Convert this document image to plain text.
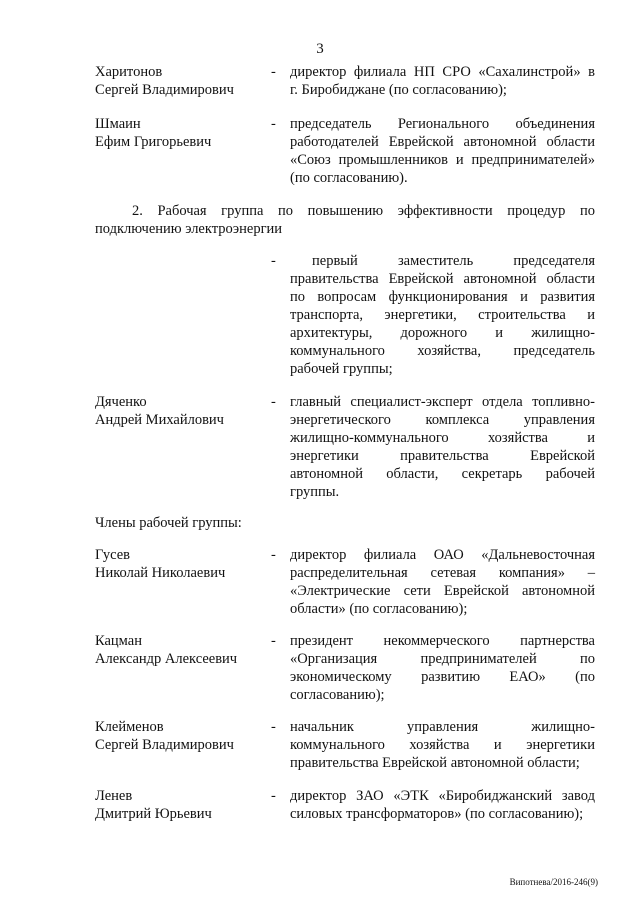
3
Харитонов
Сергей Владимирович
- директор филиала НП СРО «Сахалинстрой» в
г. Биробиджане (по согласованию);
Шмаин
Ефим Григорьевич
- председатель Регионального объединения
работодателей Еврейской автономной области
«Союз промышленников и предпринимателей»
(по согласованию).
2. Рабочая группа по повышению эффективности процедур по
подключению электроэнергии
-	первый заместитель председателя
правительства Еврейской автономной области
по вопросам функционирования и развития
транспорта, энергетики, строительства и
архитектуры, дорожного и жилищно-
коммунального хозяйства, председатель
рабочей группы;
Дяченко
Андрей Михайлович
- главный специалист-эксперт отдела топливно-
энергетического комплекса управления
жилищно-коммунального хозяйства и
энергетики правительства Еврейской
автономной области, секретарь рабочей
группы.
Члены рабочей группы:
Гусев
Николай Николаевич
- директор филиала ОАО «Дальневосточная
распределительная сетевая компания» –
«Электрические сети Еврейской автономной
области» (по согласованию);
Кацман
Александр Алексеевич
- президент некоммерческого партнерства
«Организация предпринимателей по
экономическому развитию ЕАО» (по
согласованию);
Клейменов
Сергей Владимирович
- начальник управления жилищно-
коммунального хозяйства и энергетики
правительства Еврейской автономной области;
Ленев
Дмитрий Юрьевич
- директор ЗАО «ЭТК «Биробиджанский завод
силовых трансформаторов» (по согласованию);
Випотнева/2016-246(9)
